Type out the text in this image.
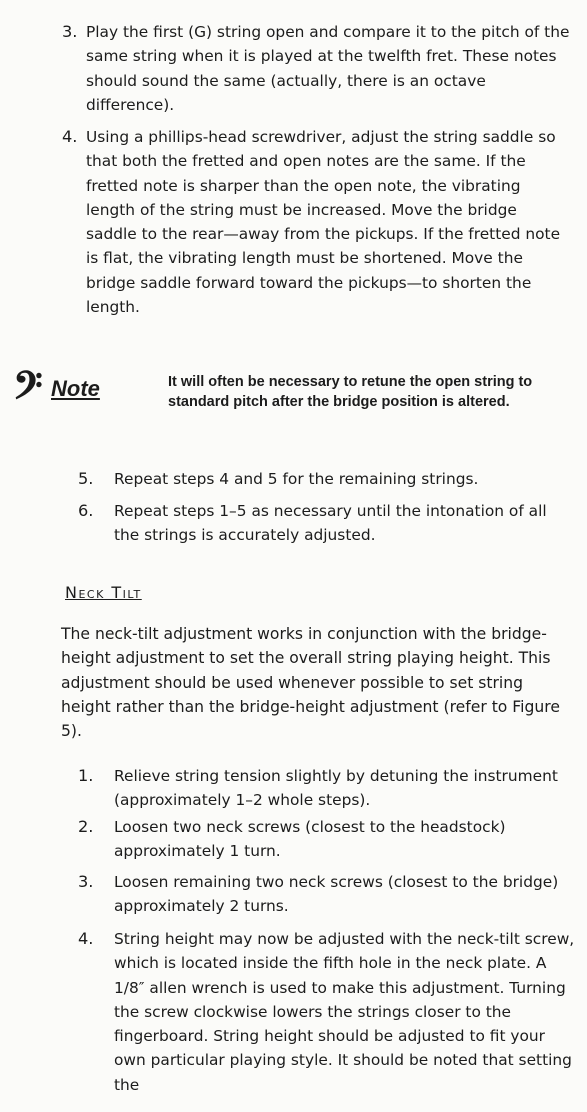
3. Play the first (G) string open and compare it to the pitch of the same string when it is played at the twelfth fret. These notes should sound the same (actually, there is an octave difference).
4. Using a phillips-head screwdriver, adjust the string saddle so that both the fretted and open notes are the same. If the fretted note is sharper than the open note, the vibrating length of the string must be increased. Move the bridge saddle to the rear—away from the pickups. If the fretted note is flat, the vibrating length must be shortened. Move the bridge saddle forward toward the pickups—to shorten the length.
𝄢 Note	It will often be necessary to retune the open string to standard pitch after the bridge position is altered.
5. Repeat steps 4 and 5 for the remaining strings.
6. Repeat steps 1–5 as necessary until the intonation of all the strings is accurately adjusted.
Neck Tilt
The neck-tilt adjustment works in conjunction with the bridge-height adjustment to set the overall string playing height. This adjustment should be used whenever possible to set string height rather than the bridge-height adjustment (refer to Figure 5).
1. Relieve string tension slightly by detuning the instrument (approximately 1–2 whole steps).
2. Loosen two neck screws (closest to the headstock) approximately 1 turn.
3. Loosen remaining two neck screws (closest to the bridge) approximately 2 turns.
4. String height may now be adjusted with the neck-tilt screw, which is located inside the fifth hole in the neck plate. A 1/8″ allen wrench is used to make this adjustment. Turning the screw clockwise lowers the strings closer to the fingerboard. String height should be adjusted to fit your own particular playing style. It should be noted that setting the
